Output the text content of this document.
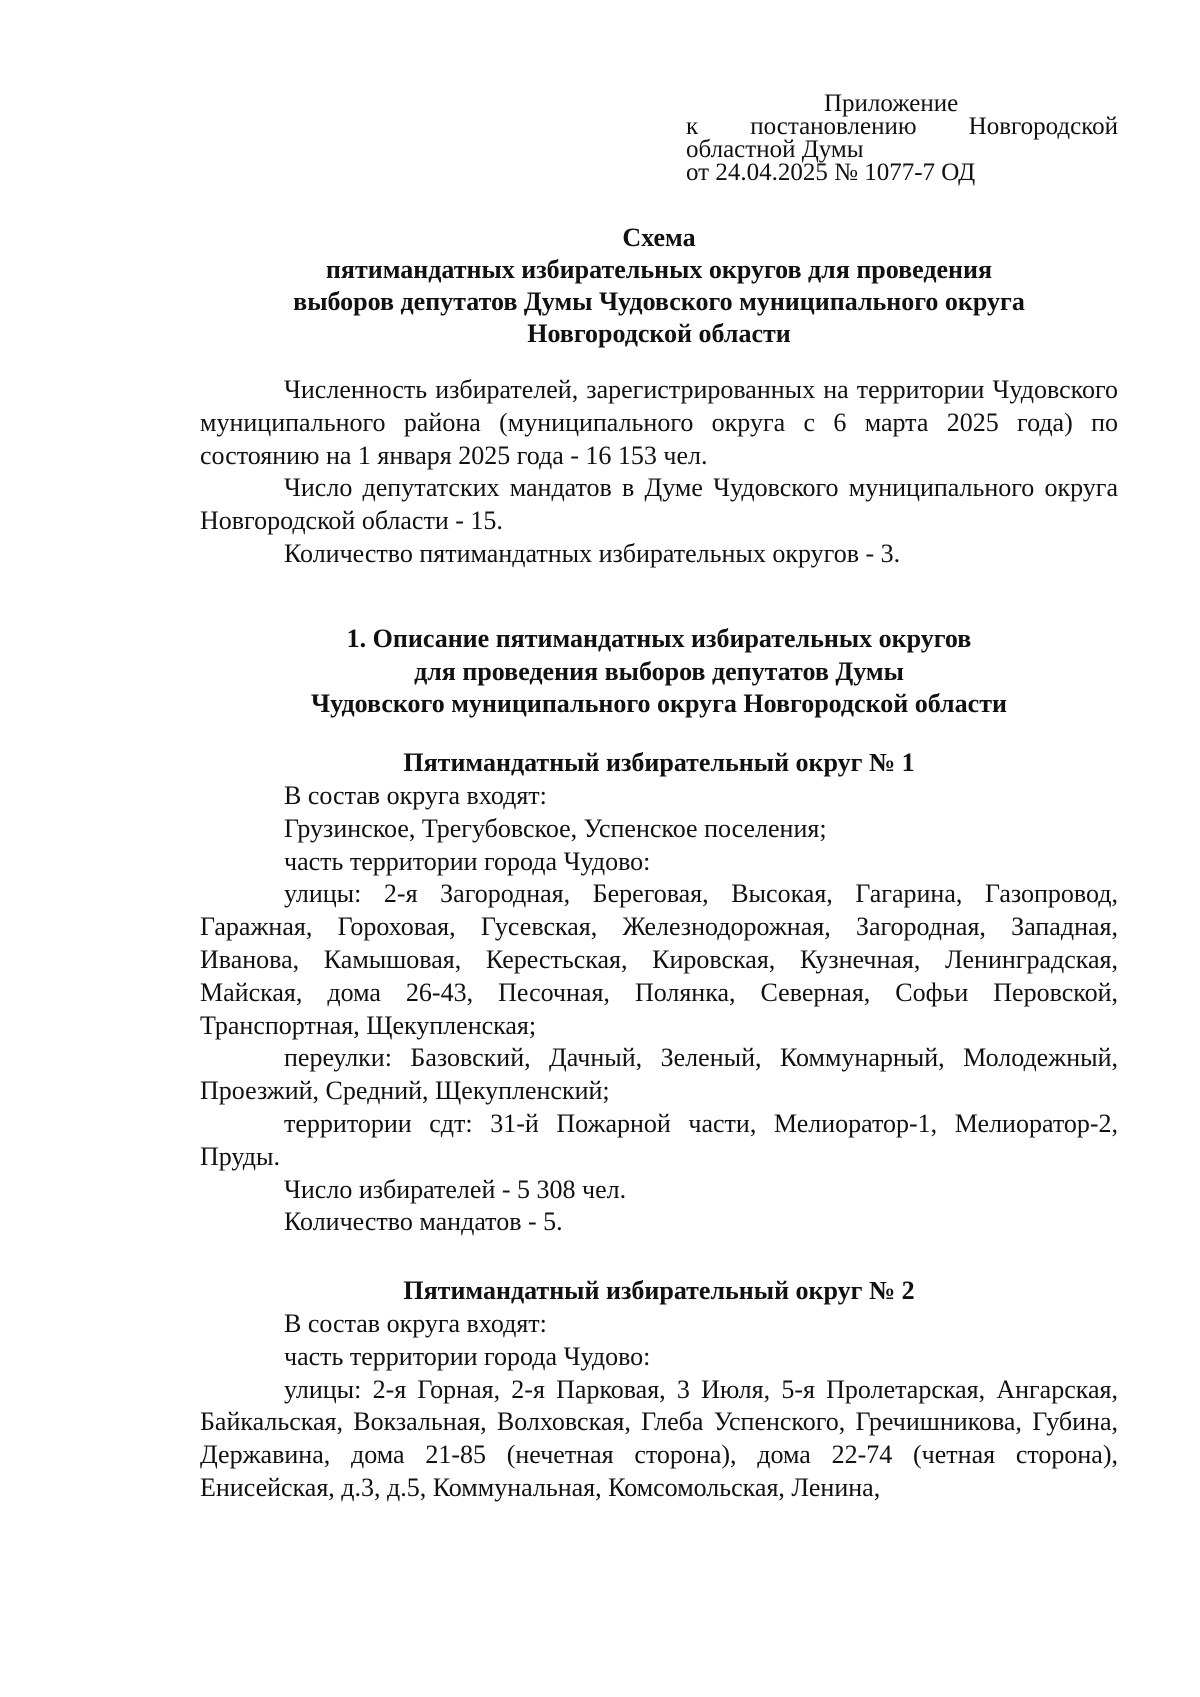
Приложение
к постановлению Новгородской
областной Думы
от 24.04.2025 № 1077-7 ОД

Схема

пятимандатных избирательных округов для проведения

выборов депутатов Думы Чудовского муниципального округа

Новгородской области

Численность избирателей, зарегистрированных на территории Чудовского муниципального района (муниципального округа с 6 марта 2025 года) по состоянию на 1 января 2025 года - 16 153 чел.

Число депутатских мандатов в Думе Чудовского муниципального округа Новгородской области - 15.

Количество пятимандатных избирательных округов - 3.

1. Описание пятимандатных избирательных округов

для проведения выборов депутатов Думы

Чудовского муниципального округа Новгородской области

Пятимандатный избирательный округ № 1

В состав округа входят:

Грузинское, Трегубовское, Успенское поселения;

часть территории города Чудово:

улицы: 2-я Загородная, Береговая, Высокая, Гагарина, Газопровод, Гаражная, Гороховая, Гусевская, Железнодорожная, Загородная, Западная, Иванова, Камышовая, Керестьская, Кировская, Кузнечная, Ленинградская, Майская, дома 26-43, Песочная, Полянка, Северная, Софьи Перовской, Транспортная, Щекупленская;

переулки: Базовский, Дачный, Зеленый, Коммунарный, Молодежный, Проезжий, Средний, Щекупленский;

территории сдт: 31-й Пожарной части, Мелиоратор-1, Мелиоратор-2, Пруды.

Число избирателей - 5 308 чел.

Количество мандатов - 5.

Пятимандатный избирательный округ № 2

В состав округа входят:

часть территории города Чудово:

улицы: 2-я Горная, 2-я Парковая, 3 Июля, 5-я Пролетарская, Ангарская, Байкальская, Вокзальная, Волховская, Глеба Успенского, Гречишникова, Губина, Державина, дома 21-85 (нечетная сторона), дома 22-74 (четная сторона), Енисейская, д.3, д.5, Коммунальная, Комсомольская, Ленина,
